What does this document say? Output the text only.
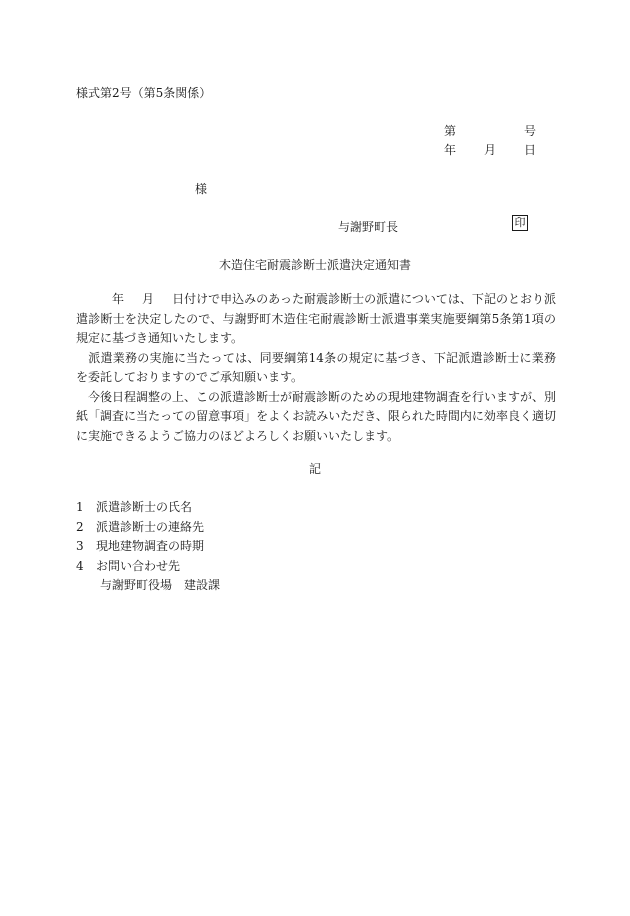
様式第2号（第5条関係）
第	号
年 月 日
様
与謝野町長	印
木造住宅耐震診断士派遣決定通知書

年 月 日付けで申込みのあった耐震診断士の派遣については、下記のとおり派遣診断士を決定したので、与謝野町木造住宅耐震診断士派遣事業実施要綱第5条第1項の規定に基づき通知いたします。

派遣業務の実施に当たっては、同要綱第14条の規定に基づき、下記派遣診断士に業務を委託しておりますのでご承知願います。

今後日程調整の上、この派遣診断士が耐震診断のための現地建物調査を行いますが、別紙「調査に当たっての留意事項」をよくお読みいただき、限られた時間内に効率良く適切に実施できるようご協力のほどよろしくお願いいたします。

記
1	派遣診断士の氏名
2	派遣診断士の連絡先
3	現地建物調査の時期
4	お問い合わせ先
与謝野町役場　建設課
